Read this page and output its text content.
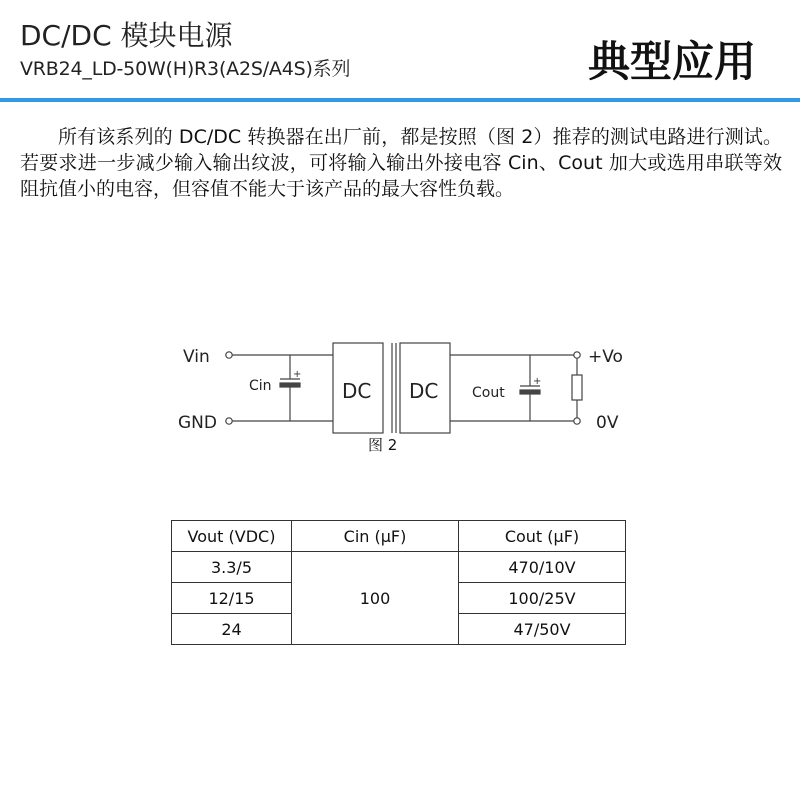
DC/DC 模块电源
VRB24_LD-50W(H)R3(A2S/A4S)系列	典型应用

所有该系列的 DC/DC 转换器在出厂前，都是按照（图 2）推荐的测试电路进行测试。若要求进一步减少输入输出纹波，可将输入输出外接电容 Cin、Cout 加大或选用串联等效阻抗值小的电容，但容值不能大于该产品的最大容性负载。

+
+
Vin
GND
Cin	DC DC Cout
+Vo
0V
图 2
Vout (VDC)	Cin (μF)	Cout (μF)
3.3/5	100	470/10V
12/15		100/25V
24		47/50V
